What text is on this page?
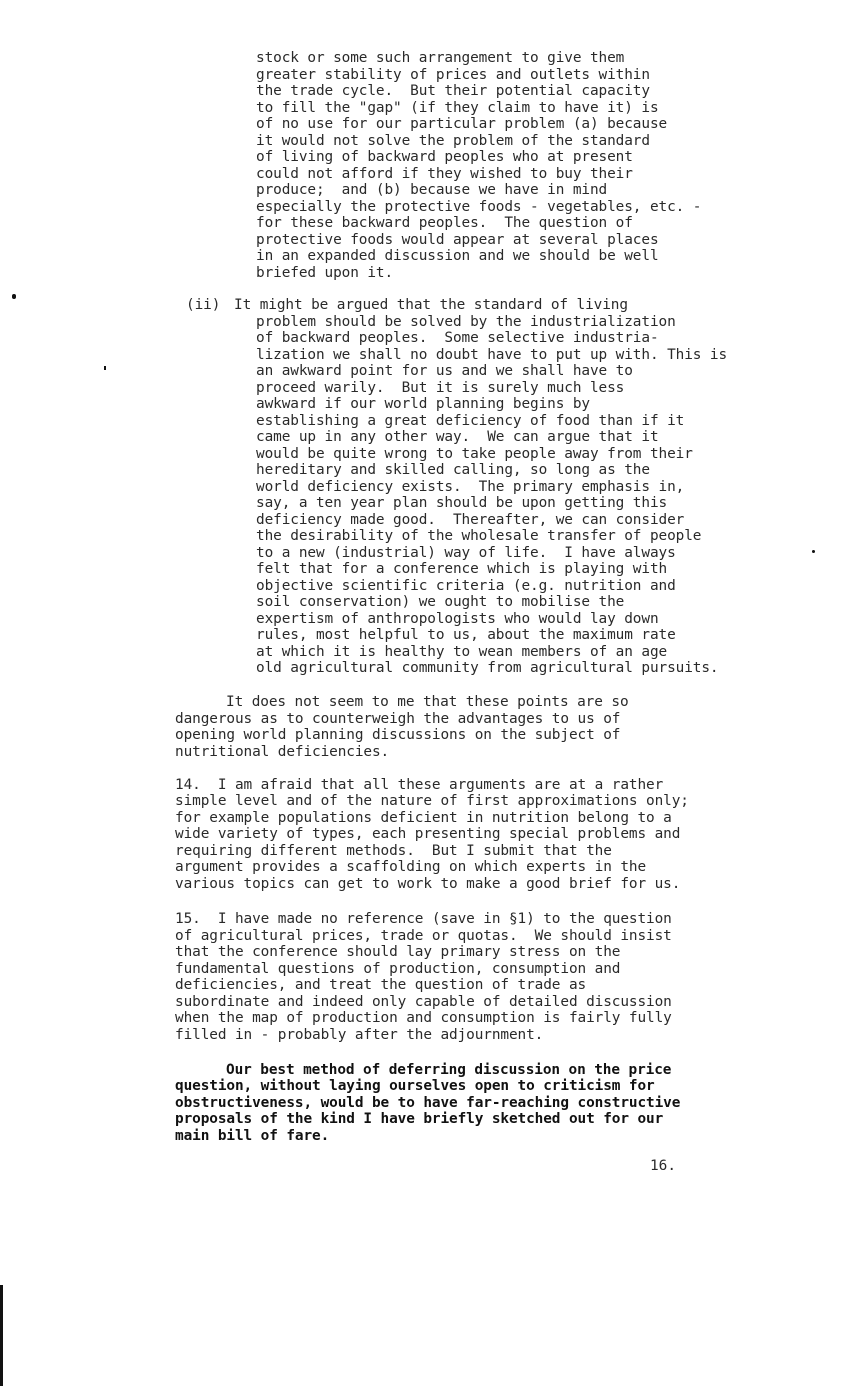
stock or some such arrangement to give them
greater stability of prices and outlets within
the trade cycle.  But their potential capacity
to fill the "gap" (if they claim to have it) is
of no use for our particular problem (a) because
it would not solve the problem of the standard
of living of backward peoples who at present
could not afford if they wished to buy their
produce;  and (b) because we have in mind
especially the protective foods - vegetables, etc. -
for these backward peoples.  The question of
protective foods would appear at several places
in an expanded discussion and we should be well
briefed upon it.
(ii) It might be argued that the standard of living
problem should be solved by the industrialization
of backward peoples.  Some selective industria-
lization we shall no doubt have to put up with. This is
an awkward point for us and we shall have to
proceed warily.  But it is surely much less
awkward if our world planning begins by
establishing a great deficiency of food than if it
came up in any other way.  We can argue that it
would be quite wrong to take people away from their
hereditary and skilled calling, so long as the
world deficiency exists.  The primary emphasis in,
say, a ten year plan should be upon getting this
deficiency made good.  Thereafter, we can consider
the desirability of the wholesale transfer of people
to a new (industrial) way of life.  I have always
felt that for a conference which is playing with
objective scientific criteria (e.g. nutrition and
soil conservation) we ought to mobilise the
expertism of anthropologists who would lay down
rules, most helpful to us, about the maximum rate
at which it is healthy to wean members of an age
old agricultural community from agricultural pursuits.
It does not seem to me that these points are so
dangerous as to counterweigh the advantages to us of
opening world planning discussions on the subject of
nutritional deficiencies.
14.  I am afraid that all these arguments are at a rather
simple level and of the nature of first approximations only;
for example populations deficient in nutrition belong to a
wide variety of types, each presenting special problems and
requiring different methods.  But I submit that the
argument provides a scaffolding on which experts in the
various topics can get to work to make a good brief for us.
15.  I have made no reference (save in §1) to the question
of agricultural prices, trade or quotas.  We should insist
that the conference should lay primary stress on the
fundamental questions of production, consumption and
deficiencies, and treat the question of trade as
subordinate and indeed only capable of detailed discussion
when the map of production and consumption is fairly fully
filled in - probably after the adjournment.
Our best method of deferring discussion on the price
question, without laying ourselves open to criticism for
obstructiveness, would be to have far-reaching constructive
proposals of the kind I have briefly sketched out for our
main bill of fare.
16.
